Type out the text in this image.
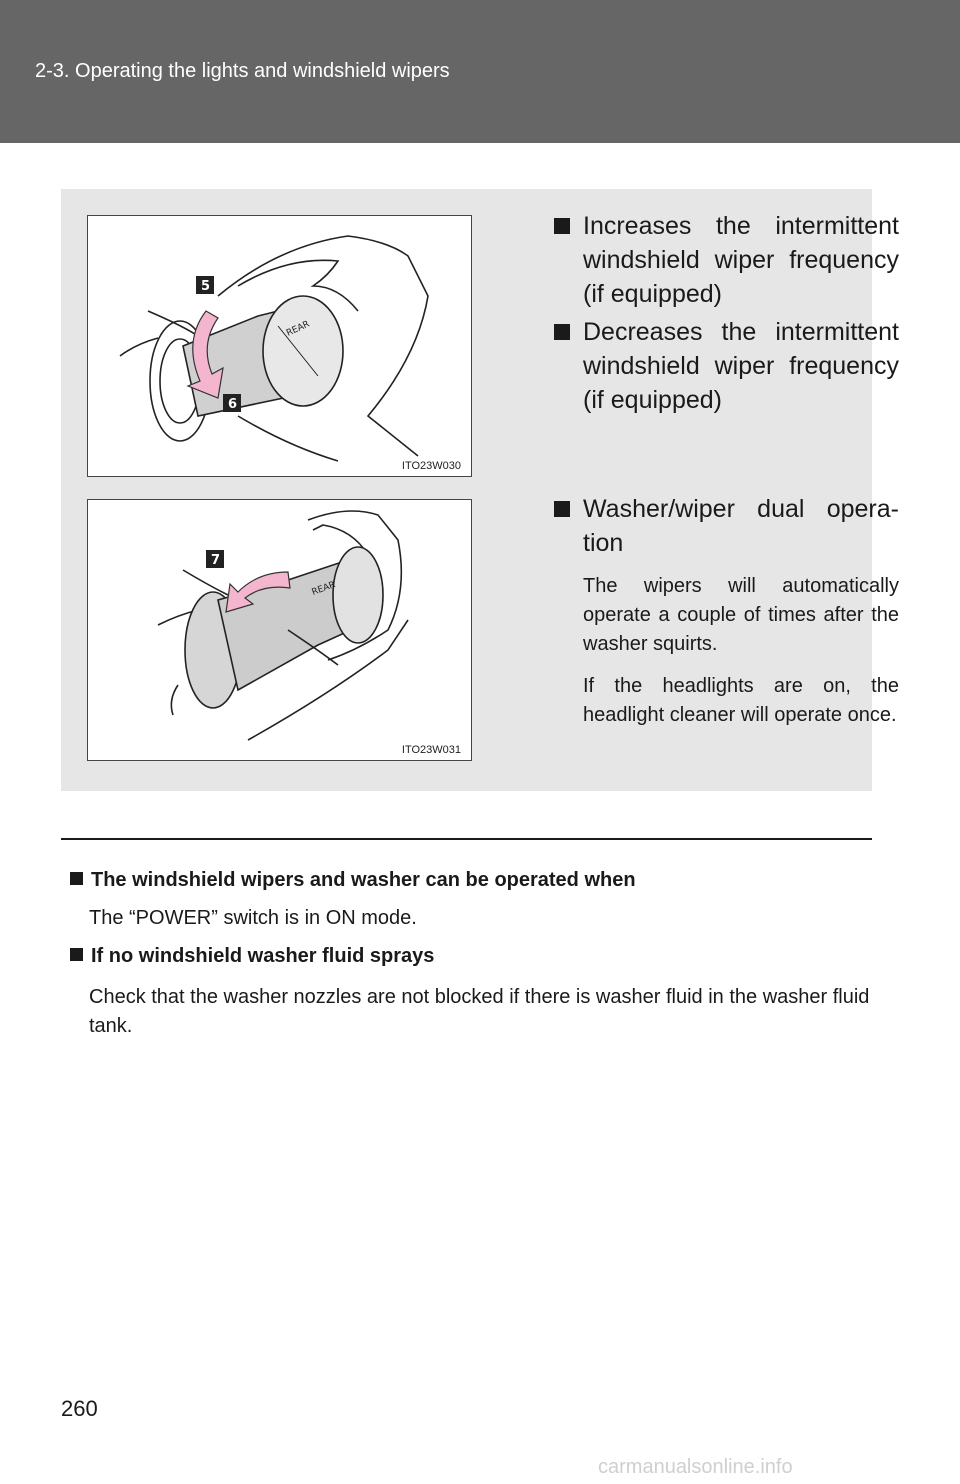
2-3. Operating the lights and windshield wipers
REAR
5
6
ITO23W030
REAR
7
ITO23W031
Increases the intermittent windshield wiper frequency (if equipped)
Decreases the intermittent windshield wiper frequency (if equipped)
Washer/wiper dual opera-tion
The wipers will automatically operate a couple of times after the washer squirts.
If the headlights are on, the headlight cleaner will operate once.
The windshield wipers and washer can be operated when
The “POWER” switch is in ON mode.
If no windshield washer fluid sprays
Check that the washer nozzles are not blocked if there is washer fluid in the washer fluid tank.
260
carmanualsonline.info
